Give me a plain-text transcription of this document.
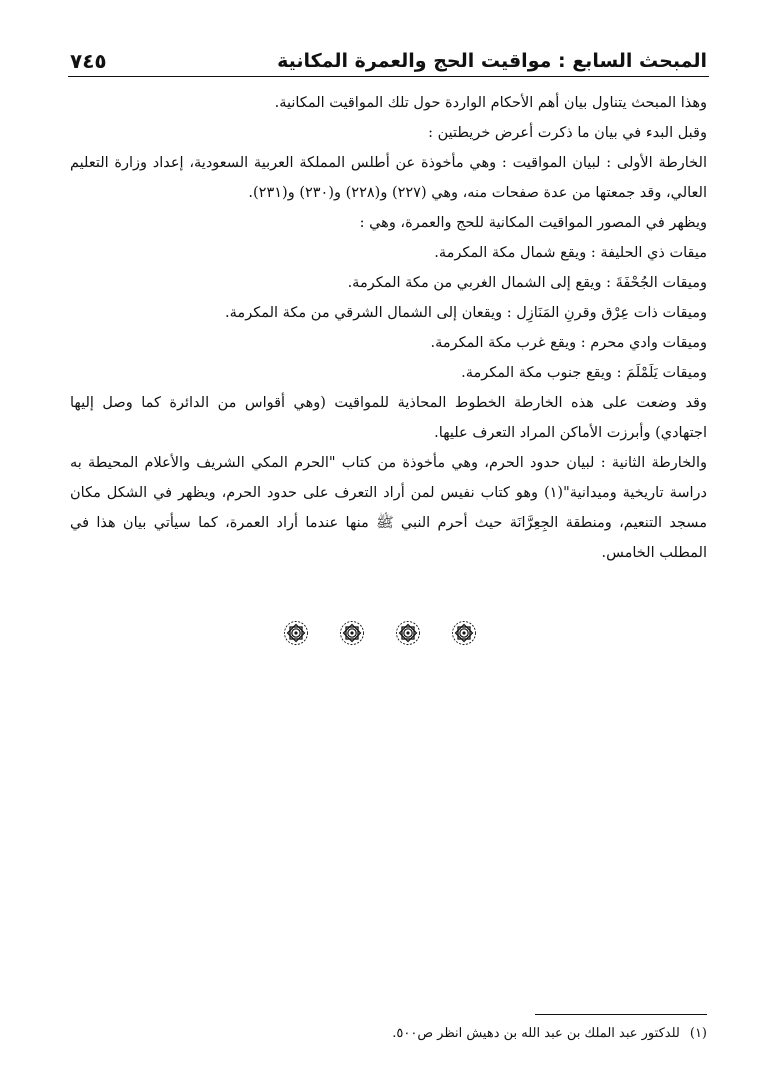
المبحث السابع : مواقيت الحج والعمرة المكانية
٧٤٥

وهذا المبحث يتناول بيان أهم الأحكام الواردة حول تلك المواقيت المكانية.

وقبل البدء في بيان ما ذكرت أعرض خريطتين :

الخارطة الأولى : لبيان المواقيت : وهي مأخوذة عن أطلس المملكة العربية السعودية، إعداد وزارة التعليم العالي، وقد جمعتها من عدة صفحات منه، وهي (٢٢٧) و(٢٢٨) و(٢٣٠) و(٢٣١).

ويظهر في المصور المواقيت المكانية للحج والعمرة، وهي :

ميقات ذي الحليفة : ويقع شمال مكة المكرمة.

وميقات الجُحْفَةَ : ويقع إلى الشمال الغربي من مكة المكرمة.

وميقات ذات عِرْق وقرنِ المَنَازِل : ويقعان إلى الشمال الشرقي من مكة المكرمة.

وميقات وادي محرم : ويقع غرب مكة المكرمة.

وميقات يَلَمْلَمَ : ويقع جنوب مكة المكرمة.

وقد وضعت على هذه الخارطة الخطوط المحاذية للمواقيت (وهي أقواس من الدائرة كما وصل إليها اجتهادي) وأبرزت الأماكن المراد التعرف عليها.

والخارطة الثانية : لبيان حدود الحرم، وهي مأخوذة من كتاب "الحرم المكي الشريف والأعلام المحيطة به دراسة تاريخية وميدانية"(١) وهو كتاب نفيس لمن أراد التعرف على حدود الحرم، ويظهر في الشكل مكان مسجد التنعيم، ومنطقة الجِعِرَّانَة حيث أحرم النبي ﷺ منها عندما أراد العمرة، كما سيأتي بيان هذا في المطلب الخامس.

(١)
للدكتور عبد الملك بن عبد الله بن دهيش انظر ص٥٠٠.
